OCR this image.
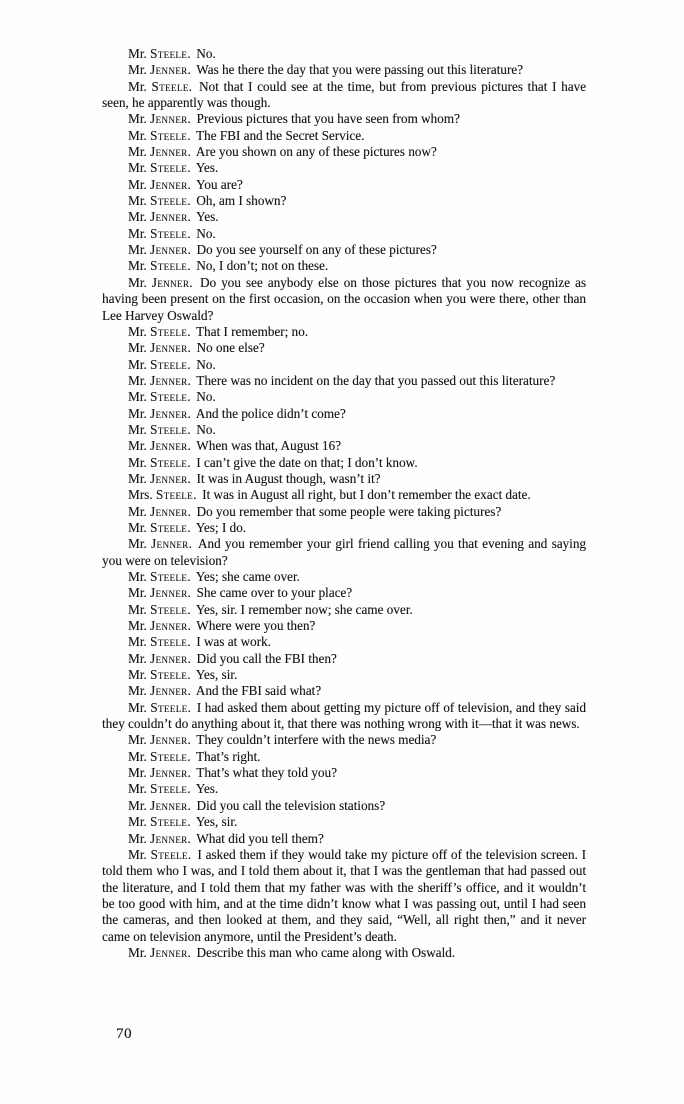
Mr. Steele. No.

Mr. Jenner. Was he there the day that you were passing out this literature?

Mr. Steele. Not that I could see at the time, but from previous pictures that I have seen, he apparently was though.

Mr. Jenner. Previous pictures that you have seen from whom?

Mr. Steele. The FBI and the Secret Service.

Mr. Jenner. Are you shown on any of these pictures now?

Mr. Steele. Yes.

Mr. Jenner. You are?

Mr. Steele. Oh, am I shown?

Mr. Jenner. Yes.

Mr. Steele. No.

Mr. Jenner. Do you see yourself on any of these pictures?

Mr. Steele. No, I don’t; not on these.

Mr. Jenner. Do you see anybody else on those pictures that you now recognize as having been present on the first occasion, on the occasion when you were there, other than Lee Harvey Oswald?

Mr. Steele. That I remember; no.

Mr. Jenner. No one else?

Mr. Steele. No.

Mr. Jenner. There was no incident on the day that you passed out this literature?

Mr. Steele. No.

Mr. Jenner. And the police didn’t come?

Mr. Steele. No.

Mr. Jenner. When was that, August 16?

Mr. Steele. I can’t give the date on that; I don’t know.

Mr. Jenner. It was in August though, wasn’t it?

Mrs. Steele. It was in August all right, but I don’t remember the exact date.

Mr. Jenner. Do you remember that some people were taking pictures?

Mr. Steele. Yes; I do.

Mr. Jenner. And you remember your girl friend calling you that evening and saying you were on television?

Mr. Steele. Yes; she came over.

Mr. Jenner. She came over to your place?

Mr. Steele. Yes, sir. I remember now; she came over.

Mr. Jenner. Where were you then?

Mr. Steele. I was at work.

Mr. Jenner. Did you call the FBI then?

Mr. Steele. Yes, sir.

Mr. Jenner. And the FBI said what?

Mr. Steele. I had asked them about getting my picture off of television, and they said they couldn’t do anything about it, that there was nothing wrong with it—that it was news.

Mr. Jenner. They couldn’t interfere with the news media?

Mr. Steele. That’s right.

Mr. Jenner. That’s what they told you?

Mr. Steele. Yes.

Mr. Jenner. Did you call the television stations?

Mr. Steele. Yes, sir.

Mr. Jenner. What did you tell them?

Mr. Steele. I asked them if they would take my picture off of the television screen. I told them who I was, and I told them about it, that I was the gentleman that had passed out the literature, and I told them that my father was with the sheriff’s office, and it wouldn’t be too good with him, and at the time didn’t know what I was passing out, until I had seen the cameras, and then looked at them, and they said, “Well, all right then,” and it never came on television anymore, until the President’s death.

Mr. Jenner. Describe this man who came along with Oswald.

70
